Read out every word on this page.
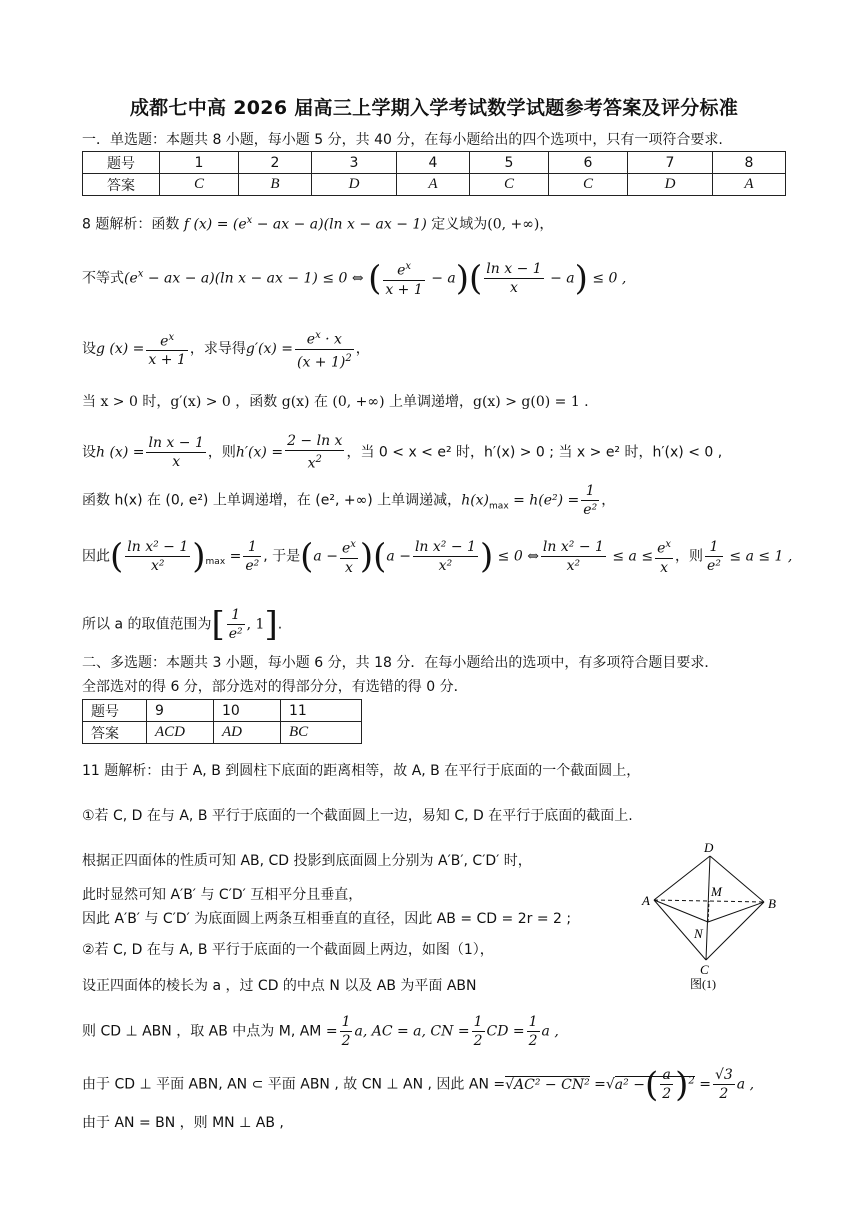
成都七中高 2026 届高三上学期入学考试数学试题参考答案及评分标准
一．单选题：本题共 8 小题，每小题 5 分，共 40 分，在每小题给出的四个选项中，只有一项符合要求.
题号	1	2	3	4	5	6	7	8
答案	C	B	D	A	C	C	D	A
8 题解析：函数 f $(x) = (e^x$ − ax − a)(ln x − ax − 1) 定义域为(0, +∞)，
不等式($e^x$ − ax − a)(ln x − ax − 1) ≤ 0 ⇔ ( $\frac{e^x}{x + 1} - a)( \frac{\text{ln x − 1}}{x} - a) \le 0$ ,
设g $(x) = \frac{e^x}{x + 1}$ ，求导得$g'(x) = \frac{e^x \cdot x}{(x + 1)^2}$ ，
当 x > 0 时，g′(x) > 0 ，函数 g(x) 在 (0, +∞) 上单调递增，g(x) > g(0) = 1 .
设h $(x) = \frac{\text{ln x − 1}}{x}$ ，则$h'(x) = \frac{\text{2 − ln x}}{x^2}$ ，当 0 < x < e² 时，h′(x) > 0 ; 当 x > e² 时，h′(x) < 0 ,
函数 h(x) 在 (0, e²) 上单调递增，在 (e², +∞) 上单调递减，$h(x)_{max} = h(e^2) = \frac{1}{\text{e²}}$ ，
因此( $\frac{\text{ln x² − 1}}{\text{x²}} )_{max} = \frac{1}{\text{e²}}$ , 于是$(a - \frac{e^x}{x} )(a - \frac{\text{ln x² − 1}}{\text{x²}}$ ) ≤ 0 ⇔ $\frac{\text{ln x² − 1}}{\text{x²}} \le a \le \frac{e^x}{x}$ ，则 $\frac{1}{\text{e²}} \le a \le 1$ ,
所以 a 的取值范围为[ $\frac{1}{\text{e²}}$ , 1].
二、多选题：本题共 3 小题，每小题 6 分，共 18 分．在每小题给出的选项中，有多项符合题目要求．
全部选对的得 6 分，部分选对的得部分分，有选错的得 0 分．
题号	9	10	11
答案	ACD	AD	BC
11 题解析：由于 A, B 到圆柱下底面的距离相等，故 A, B 在平行于底面的一个截面圆上，
①若 C, D 在与 A, B 平行于底面的一个截面圆上一边，易知 C, D 在平行于底面的截面上.
根据正四面体的性质可知 AB, CD 投影到底面圆上分别为 A′B′, C′D′ 时，
此时显然可知 A′B′ 与 C′D′ 互相平分且垂直，
因此 A′B′ 与 C′D′ 为底面圆上两条互相垂直的直径，因此 AB = CD = 2r = 2 ;
②若 C, D 在与 A, B 平行于底面的一个截面圆上两边，如图（1），
设正四面体的棱长为 a ，过 CD 的中点 N 以及 AB 为平面 ABN
则 CD ⊥ ABN ，取 AB 中点为 M, AM = $\frac{1}{2} a$, AC = a, CN = $\frac{1}{2}$ CD = $\frac{1}{2}$ a ,
由于 CD ⊥ 平面 ABN, AN ⊂ 平面 ABN , 故 CN ⊥ AN , 因此 AN =√AC² − CN² =√a² −( $\frac{a}{2} )^2 = \frac{√3}{2}$ a ,
由于 AN = BN ，则 MN ⊥ AB ,
A	B
C
D
M
N
图(1)
